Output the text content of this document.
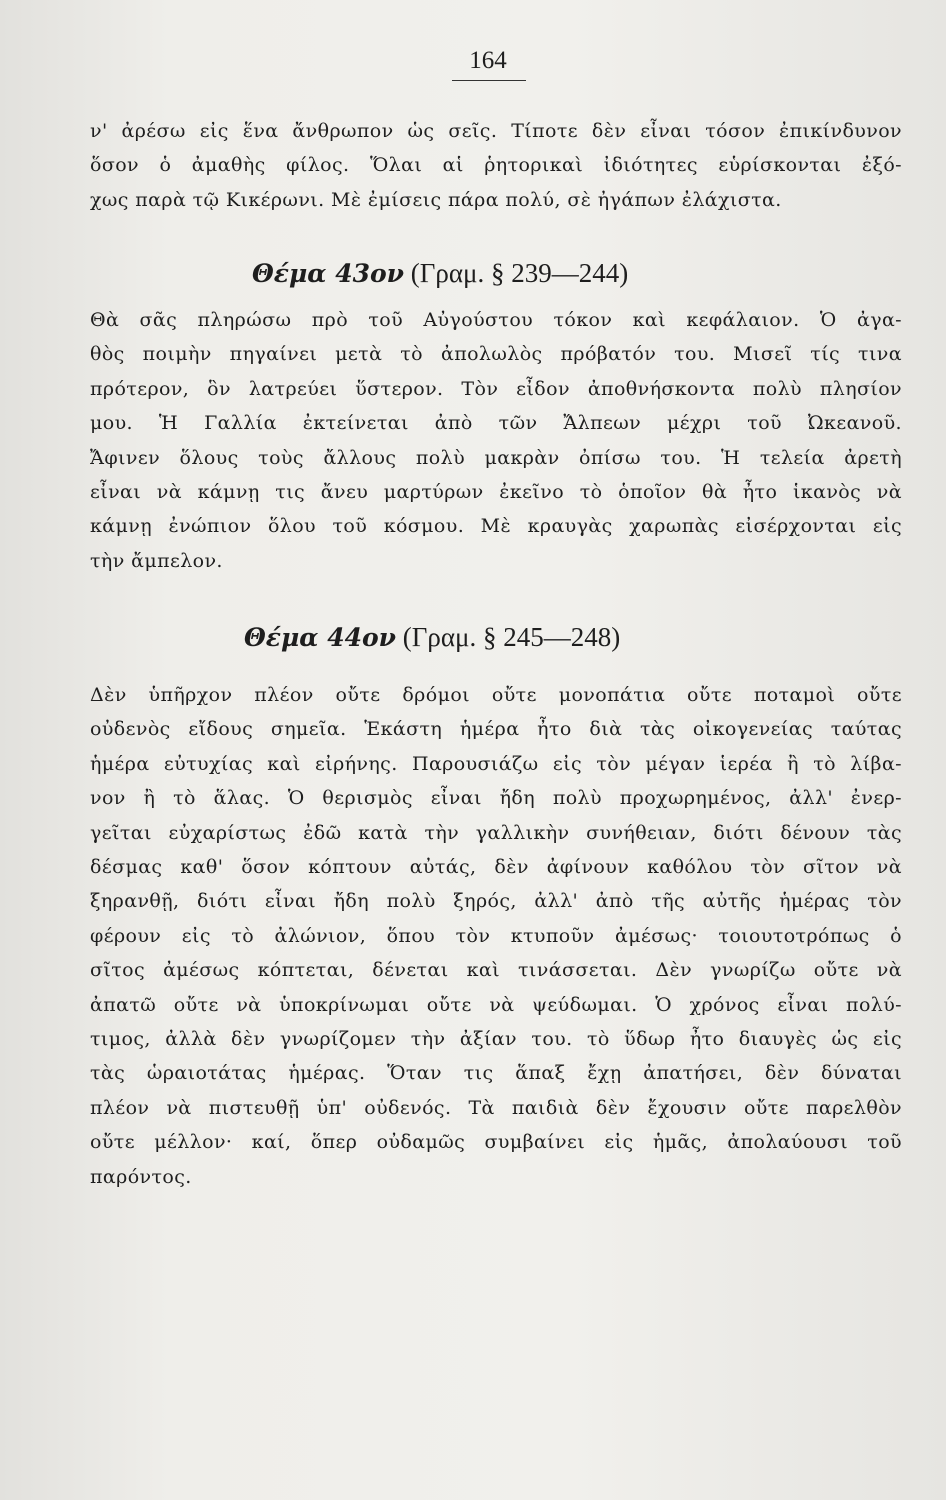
164
ν' ἀρέσω εἰς ἕνα ἄνθρωπον ὡς σεῖς. Τίποτε δὲν εἶναι τόσον ἐπικίνδυνον
ὅσον ὁ ἀμαθὴς φίλος. Ὅλαι αἱ ῥητορικαὶ ἰδιότητες εὑρίσκονται ἐξό-
χως παρὰ τῷ Κικέρωνι. Μὲ ἐμίσεις πάρα πολύ, σὲ ἠγάπων ἐλάχιστα.
Θέμα 43ον (Γραμ. § 239—244)
Θὰ σᾶς πληρώσω πρὸ τοῦ Αὐγούστου τόκον καὶ κεφάλαιον. Ὁ ἀγα-
θὸς ποιμὴν πηγαίνει μετὰ τὸ ἀπολωλὸς πρόβατόν του. Μισεῖ τίς τινα
πρότερον, ὃν λατρεύει ὕστερον. Τὸν εἶδον ἀποθνήσκοντα πολὺ πλησίον
μου. Ἡ Γαλλία ἐκτείνεται ἀπὸ τῶν Ἄλπεων μέχρι τοῦ Ὠκεανοῦ.
Ἄφινεν ὅλους τοὺς ἄλλους πολὺ μακρὰν ὀπίσω του. Ἡ τελεία ἀρετὴ
εἶναι νὰ κάμνῃ τις ἄνευ μαρτύρων ἐκεῖνο τὸ ὁποῖον θὰ ἦτο ἱκανὸς νὰ
κάμνῃ ἐνώπιον ὅλου τοῦ κόσμου. Μὲ κραυγὰς χαρωπὰς εἰσέρχονται εἰς
τὴν ἄμπελον.
Θέμα 44ον (Γραμ. § 245—248)
Δὲν ὑπῆρχον πλέον οὔτε δρόμοι οὔτε μονοπάτια οὔτε ποταμοὶ οὔτε
οὐδενὸς εἴδους σημεῖα. Ἑκάστη ἡμέρα ἦτο διὰ τὰς οἰκογενείας ταύτας
ἡμέρα εὐτυχίας καὶ εἰρήνης. Παρουσιάζω εἰς τὸν μέγαν ἱερέα ἢ τὸ λίβα-
νον ἢ τὸ ἅλας. Ὁ θερισμὸς εἶναι ἤδη πολὺ προχωρημένος, ἀλλ' ἐνερ-
γεῖται εὐχαρίστως ἐδῶ κατὰ τὴν γαλλικὴν συνήθειαν, διότι δένουν τὰς
δέσμας καθ' ὅσον κόπτουν αὐτάς, δὲν ἀφίνουν καθόλου τὸν σῖτον νὰ
ξηρανθῇ, διότι εἶναι ἤδη πολὺ ξηρός, ἀλλ' ἀπὸ τῆς αὐτῆς ἡμέρας τὸν
φέρουν εἰς τὸ ἀλώνιον, ὅπου τὸν κτυποῦν ἀμέσως· τοιουτοτρόπως ὁ
σῖτος ἀμέσως κόπτεται, δένεται καὶ τινάσσεται. Δὲν γνωρίζω οὔτε νὰ
ἀπατῶ οὔτε νὰ ὑποκρίνωμαι οὔτε νὰ ψεύδωμαι. Ὁ χρόνος εἶναι πολύ-
τιμος, ἀλλὰ δὲν γνωρίζομεν τὴν ἀξίαν του. τὸ ὕδωρ ἦτο διαυγὲς ὡς εἰς
τὰς ὡραιοτάτας ἡμέρας. Ὅταν τις ἅπαξ ἔχῃ ἀπατήσει, δὲν δύναται
πλέον νὰ πιστευθῇ ὑπ' οὐδενός. Τὰ παιδιὰ δὲν ἔχουσιν οὔτε παρελθὸν
οὔτε μέλλον· καί, ὅπερ οὐδαμῶς συμβαίνει εἰς ἡμᾶς, ἀπολαύουσι τοῦ
παρόντος.
